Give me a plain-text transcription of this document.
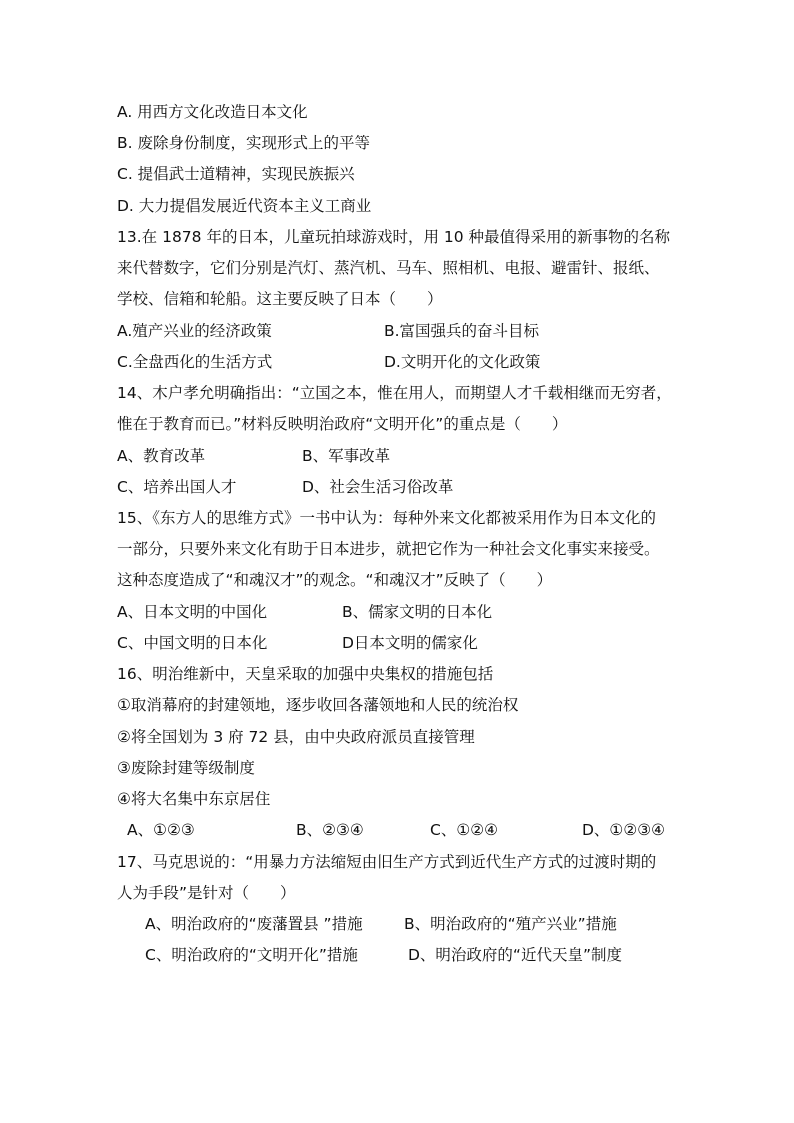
A. 用西方文化改造日本文化
B. 废除身份制度，实现形式上的平等
C. 提倡武士道精神，实现民族振兴
D. 大力提倡发展近代资本主义工商业
13.在 1878 年的日本，儿童玩拍球游戏时，用 10 种最值得采用的新事物的名称
来代替数字，它们分别是汽灯、蒸汽机、马车、照相机、电报、避雷针、报纸、
学校、信箱和轮船。这主要反映了日本（　　）
A.殖产兴业的经济政策	B.富国强兵的奋斗目标
C.全盘西化的生活方式	D.文明开化的文化政策
14、木户孝允明确指出：“立国之本，惟在用人，而期望人才千载相继而无穷者，
惟在于教育而已。”材料反映明治政府“文明开化”的重点是（　　）
A、教育改革	B、军事改革
C、培养出国人才	D、社会生活习俗改革
15、《东方人的思维方式》一书中认为：每种外来文化都被采用作为日本文化的
一部分，只要外来文化有助于日本进步，就把它作为一种社会文化事实来接受。
这种态度造成了“和魂汉才”的观念。“和魂汉才”反映了（　　）
A、日本文明的中国化	B、儒家文明的日本化
C、中国文明的日本化	D日本文明的儒家化
16、明治维新中，天皇采取的加强中央集权的措施包括
①取消幕府的封建领地，逐步收回各藩领地和人民的统治权
②将全国划为 3 府 72 县，由中央政府派员直接管理
③废除封建等级制度
④将大名集中东京居住
A、①②③	B、②③④	C、①②④	D、①②③④
17、马克思说的：“用暴力方法缩短由旧生产方式到近代生产方式的过渡时期的
人为手段”是针对（　　）
A、明治政府的“废藩置县 ”措施	B、明治政府的“殖产兴业”措施
C、明治政府的“文明开化”措施	D、明治政府的“近代天皇”制度
